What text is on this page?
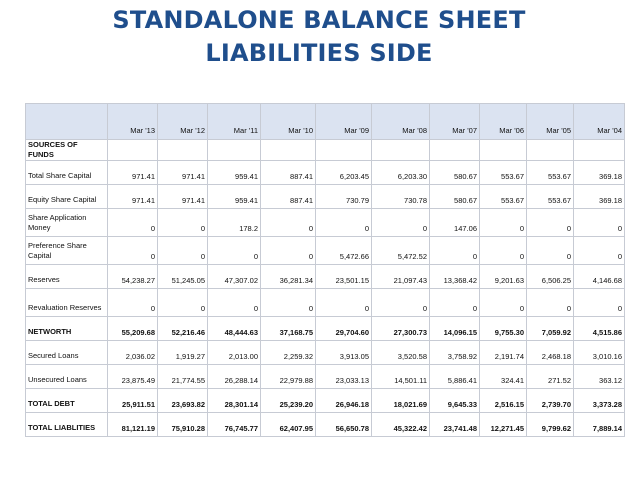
STANDALONE BALANCE SHEET
LIABILITIES SIDE
	Mar '13	Mar '12	Mar '11	Mar '10	Mar '09	Mar '08	Mar '07	Mar '06	Mar '05	Mar '04
SOURCES OF FUNDS										
Total Share Capital	971.41	971.41	959.41	887.41	6,203.45	6,203.30	580.67	553.67	553.67	369.18
Equity Share Capital	971.41	971.41	959.41	887.41	730.79	730.78	580.67	553.67	553.67	369.18
Share Application Money	0	0	178.2	0	0	0	147.06	0	0	0
Preference Share Capital	0	0	0	0	5,472.66	5,472.52	0	0	0	0
Reserves	54,238.27	51,245.05	47,307.02	36,281.34	23,501.15	21,097.43	13,368.42	9,201.63	6,506.25	4,146.68
Revaluation Reserves	0	0	0	0	0	0	0	0	0	0
NETWORTH	55,209.68	52,216.46	48,444.63	37,168.75	29,704.60	27,300.73	14,096.15	9,755.30	7,059.92	4,515.86
Secured Loans	2,036.02	1,919.27	2,013.00	2,259.32	3,913.05	3,520.58	3,758.92	2,191.74	2,468.18	3,010.16
Unsecured Loans	23,875.49	21,774.55	26,288.14	22,979.88	23,033.13	14,501.11	5,886.41	324.41	271.52	363.12
TOTAL DEBT	25,911.51	23,693.82	28,301.14	25,239.20	26,946.18	18,021.69	9,645.33	2,516.15	2,739.70	3,373.28
TOTAL LIABLITIES	81,121.19	75,910.28	76,745.77	62,407.95	56,650.78	45,322.42	23,741.48	12,271.45	9,799.62	7,889.14
